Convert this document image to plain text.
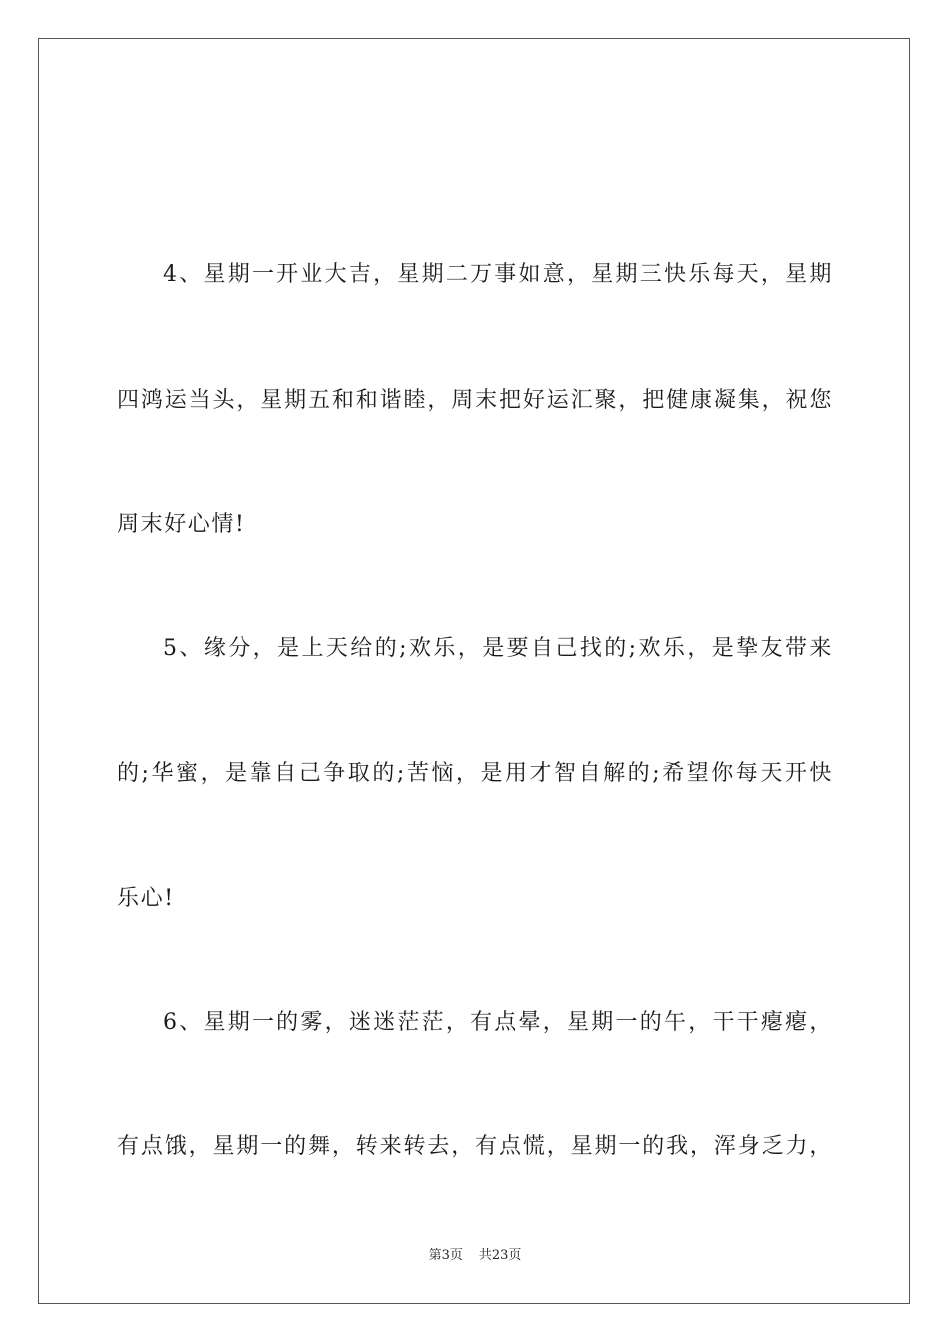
4、星期一开业大吉，星期二万事如意，星期三快乐每天，星期
四鸿运当头，星期五和和谐睦，周末把好运汇聚，把健康凝集，祝您
周末好心情!
5、缘分，是上天给的;欢乐，是要自己找的;欢乐，是挚友带来
的;华蜜，是靠自己争取的;苦恼，是用才智自解的;希望你每天开快
乐心!
6、星期一的雾，迷迷茫茫，有点晕，星期一的午，干干瘪瘪，
有点饿，星期一的舞，转来转去，有点慌，星期一的我，浑身乏力，
第3页 共23页
